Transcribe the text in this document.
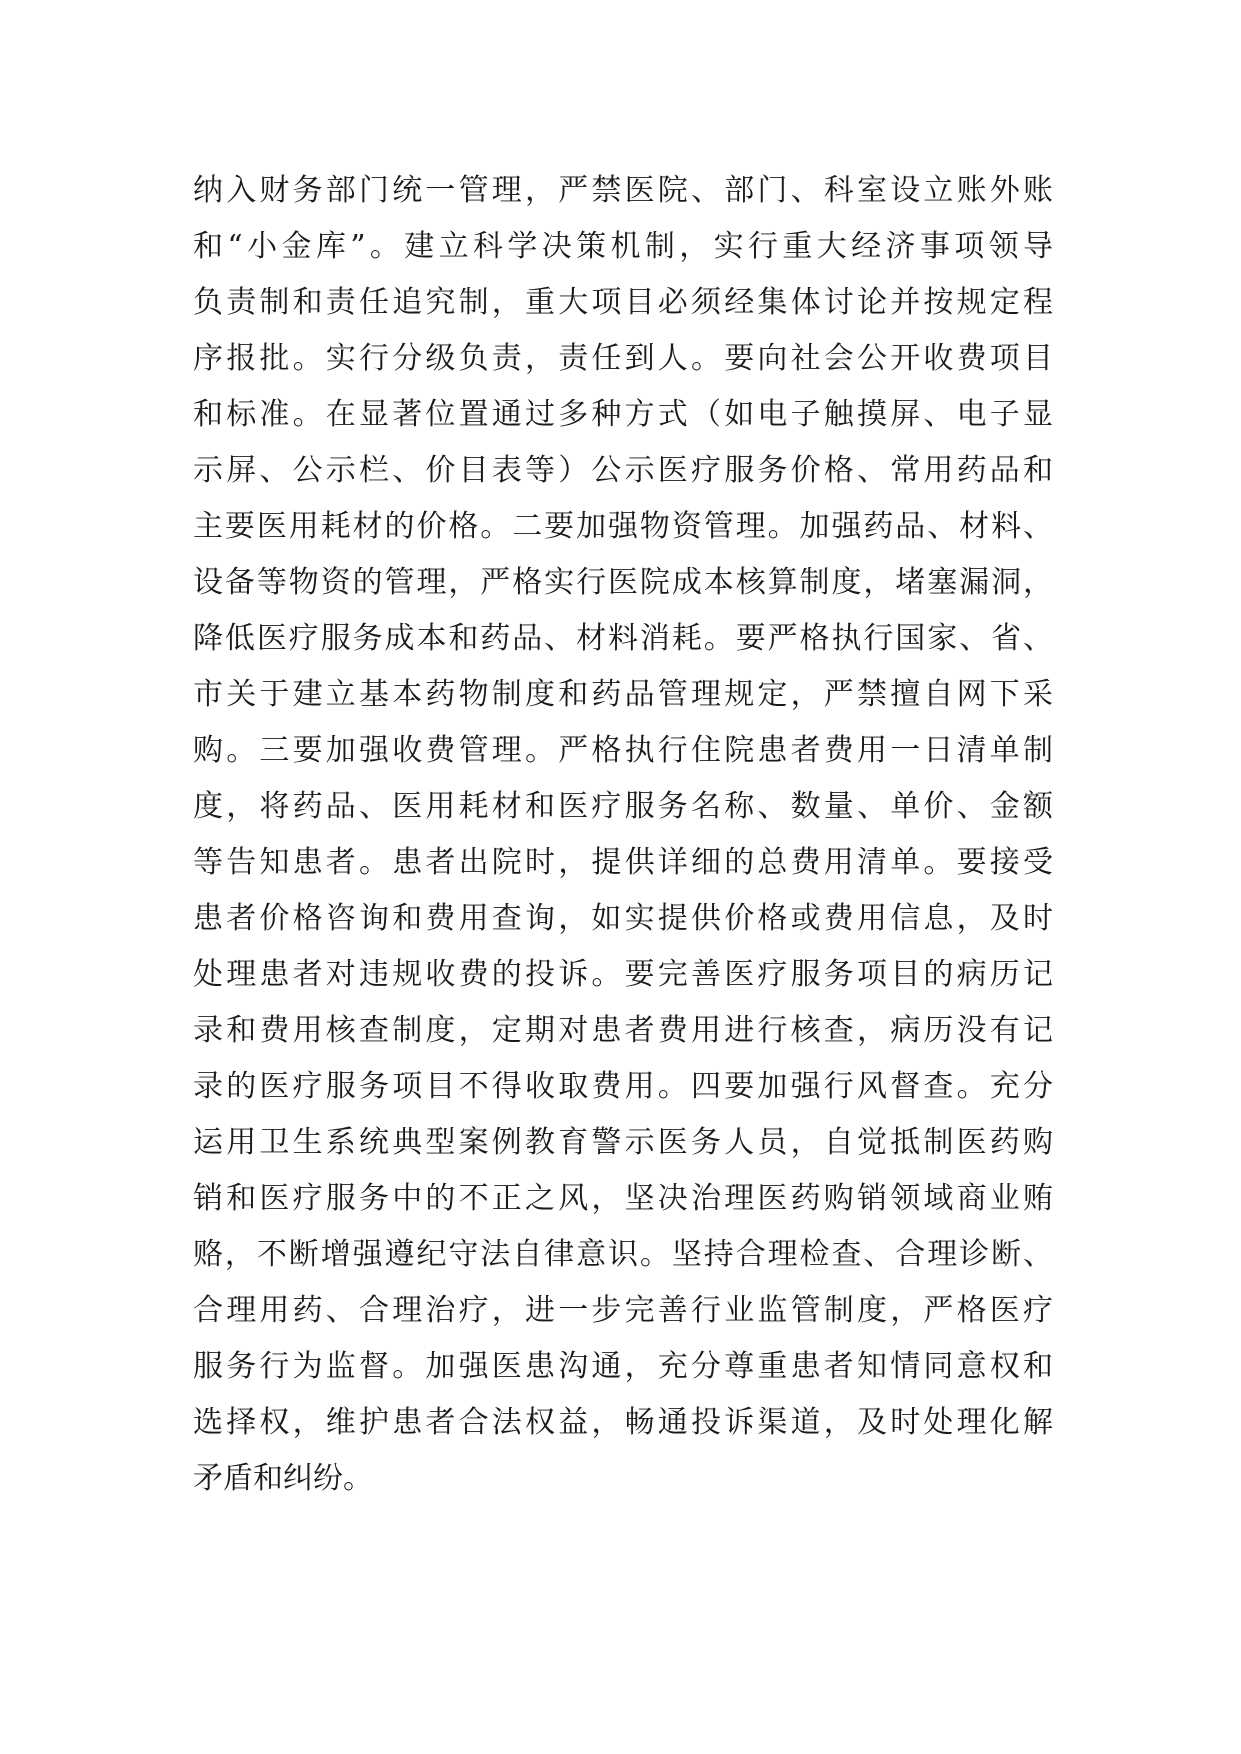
纳入财务部门统一管理，严禁医院、部门、科室设立账外账
和“小金库”。建立科学决策机制，实行重大经济事项领导
负责制和责任追究制，重大项目必须经集体讨论并按规定程
序报批。实行分级负责，责任到人。要向社会公开收费项目
和标准。在显著位置通过多种方式（如电子触摸屏、电子显
示屏、公示栏、价目表等）公示医疗服务价格、常用药品和
主要医用耗材的价格。二要加强物资管理。加强药品、材料、
设备等物资的管理，严格实行医院成本核算制度，堵塞漏洞，
降低医疗服务成本和药品、材料消耗。要严格执行国家、省、
市关于建立基本药物制度和药品管理规定，严禁擅自网下采
购。三要加强收费管理。严格执行住院患者费用一日清单制
度，将药品、医用耗材和医疗服务名称、数量、单价、金额
等告知患者。患者出院时，提供详细的总费用清单。要接受
患者价格咨询和费用查询，如实提供价格或费用信息，及时
处理患者对违规收费的投诉。要完善医疗服务项目的病历记
录和费用核查制度，定期对患者费用进行核查，病历没有记
录的医疗服务项目不得收取费用。四要加强行风督查。充分
运用卫生系统典型案例教育警示医务人员，自觉抵制医药购
销和医疗服务中的不正之风，坚决治理医药购销领域商业贿
赂，不断增强遵纪守法自律意识。坚持合理检查、合理诊断、
合理用药、合理治疗，进一步完善行业监管制度，严格医疗
服务行为监督。加强医患沟通，充分尊重患者知情同意权和
选择权，维护患者合法权益，畅通投诉渠道，及时处理化解
矛盾和纠纷。
